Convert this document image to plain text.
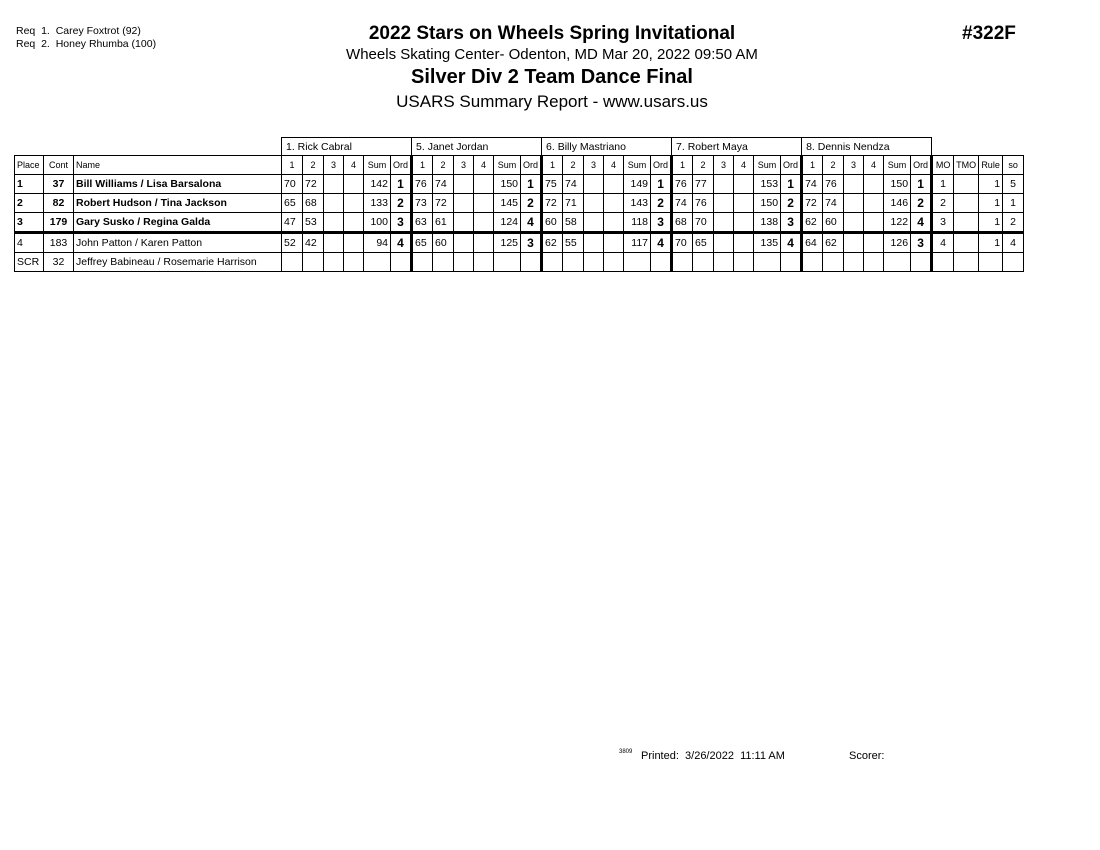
Req  1.  Carey Foxtrot (92)
Req  2.  Honey Rhumba (100)	2022 Stars on Wheels Spring Invitational
Wheels Skating Center- Odenton, MD Mar 20, 2022 09:50 AM
Silver Div 2 Team Dance Final
USARS Summary Report - www.usars.us
#322F
			1. Rick Cabral						5. Janet Jordan						6. Billy Mastriano						7. Robert Maya						8. Dennis Nendza									
Place	Cont	Name	1	2	3	4	Sum	Ord	1	2	3	4	Sum	Ord	1	2	3	4	Sum	Ord	1	2	3	4	Sum	Ord	1	2	3	4	Sum	Ord	MO	TMO	Rule	so
1	37	Bill Williams / Lisa Barsalona	70	72			142	1	76	74			150	1	75	74			149	1	76	77			153	1	74	76			150	1	1		1	5
2	82	Robert Hudson / Tina Jackson	65	68			133	2	73	72			145	2	72	71			143	2	74	76			150	2	72	74			146	2	2		1	1
3	179	Gary Susko / Regina Galda	47	53			100	3	63	61			124	4	60	58			118	3	68	70			138	3	62	60			122	4	3		1	2
4	183	John Patton / Karen Patton	52	42			94	4	65	60			125	3	62	55			117	4	70	65			135	4	64	62			126	3	4		1	4
SCR	32	Jeffrey Babineau / Rosemarie Harrison																																		
3809 Printed:  3/26/2022  11:11 AM	Scorer:
